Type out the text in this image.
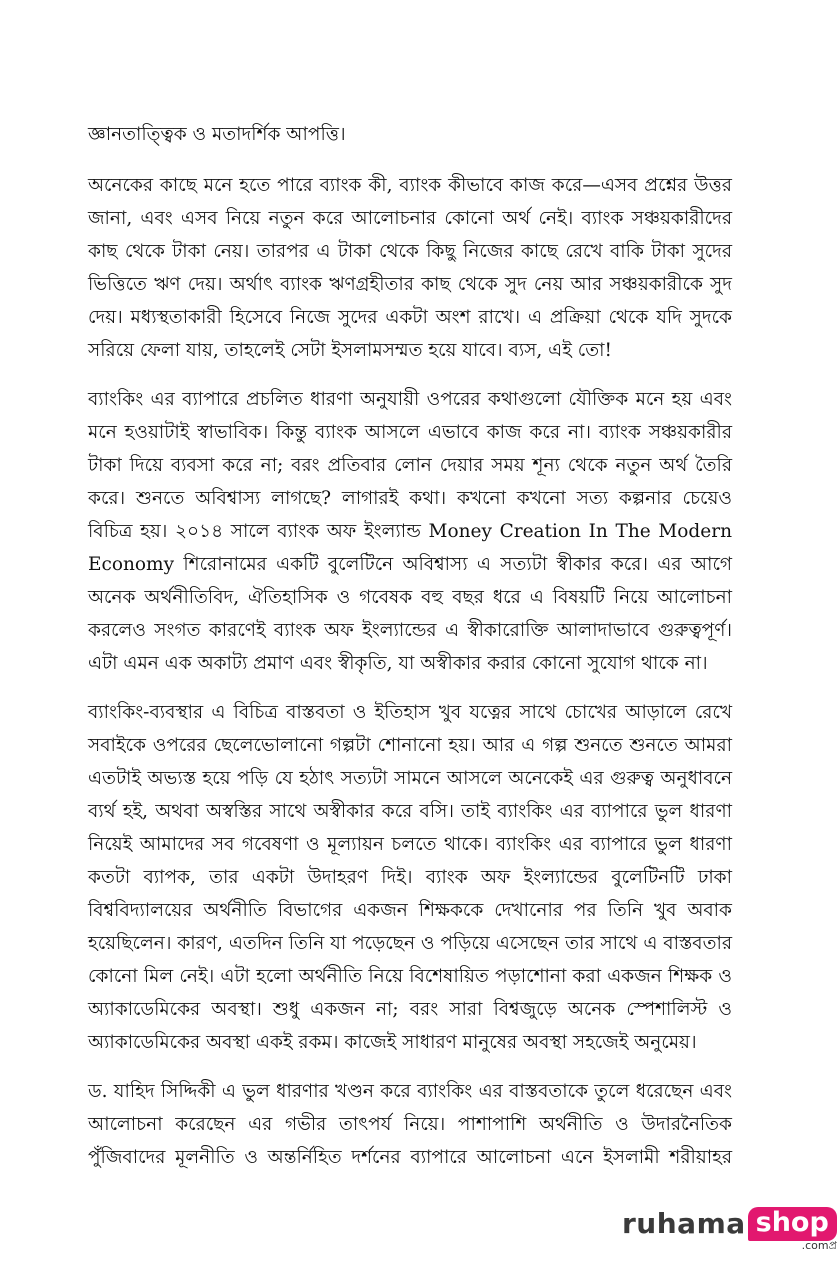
জ্ঞানতাত্ত্বিক ও মতাদর্শিক আপত্তি।

অনেকের কাছে মনে হতে পারে ব্যাংক কী, ব্যাংক কীভাবে কাজ করে—এসব প্রশ্নের উত্তর জানা, এবং এসব নিয়ে নতুন করে আলোচনার কোনো অর্থ নেই। ব্যাংক সঞ্চয়কারীদের কাছ থেকে টাকা নেয়। তারপর এ টাকা থেকে কিছু নিজের কাছে রেখে বাকি টাকা সুদের ভিত্তিতে ঋণ দেয়। অর্থাৎ ব্যাংক ঋণগ্রহীতার কাছ থেকে সুদ নেয় আর সঞ্চয়কারীকে সুদ দেয়। মধ্যস্থতাকারী হিসেবে নিজে সুদের একটা অংশ রাখে। এ প্রক্রিয়া থেকে যদি সুদকে সরিয়ে ফেলা যায়, তাহলেই সেটা ইসলামসম্মত হয়ে যাবে। ব্যস, এই তো!

ব্যাংকিং এর ব্যাপারে প্রচলিত ধারণা অনুযায়ী ওপরের কথাগুলো যৌক্তিক মনে হয় এবং মনে হওয়াটাই স্বাভাবিক। কিন্তু ব্যাংক আসলে এভাবে কাজ করে না। ব্যাংক সঞ্চয়কারীর টাকা দিয়ে ব্যবসা করে না; বরং প্রতিবার লোন দেয়ার সময় শূন্য থেকে নতুন অর্থ তৈরি করে। শুনতে অবিশ্বাস্য লাগছে? লাগারই কথা। কখনো কখনো সত্য কল্পনার চেয়েও বিচিত্র হয়। ২০১৪ সালে ব্যাংক অফ ইংল্যান্ড Money Creation In The Modern Economy শিরোনামের একটি বুলেটিনে অবিশ্বাস্য এ সত্যটা স্বীকার করে। এর আগে অনেক অর্থনীতিবিদ, ঐতিহাসিক ও গবেষক বহু বছর ধরে এ বিষয়টি নিয়ে আলোচনা করলেও সংগত কারণেই ব্যাংক অফ ইংল্যান্ডের এ স্বীকারোক্তি আলাদাভাবে গুরুত্বপূর্ণ। এটা এমন এক অকাট্য প্রমাণ এবং স্বীকৃতি, যা অস্বীকার করার কোনো সুযোগ থাকে না।

ব্যাংকিং-ব্যবস্থার এ বিচিত্র বাস্তবতা ও ইতিহাস খুব যত্নের সাথে চোখের আড়ালে রেখে সবাইকে ওপরের ছেলেভোলানো গল্পটা শোনানো হয়। আর এ গল্প শুনতে শুনতে আমরা এতটাই অভ্যস্ত হয়ে পড়ি যে হঠাৎ সত্যটা সামনে আসলে অনেকেই এর গুরুত্ব অনুধাবনে ব্যর্থ হই, অথবা অস্বস্তির সাথে অস্বীকার করে বসি। তাই ব্যাংকিং এর ব্যাপারে ভুল ধারণা নিয়েই আমাদের সব গবেষণা ও মূল্যায়ন চলতে থাকে। ব্যাংকিং এর ব্যাপারে ভুল ধারণা কতটা ব্যাপক, তার একটা উদাহরণ দিই। ব্যাংক অফ ইংল্যান্ডের বুলেটিনটি ঢাকা বিশ্ববিদ্যালয়ের অর্থনীতি বিভাগের একজন শিক্ষককে দেখানোর পর তিনি খুব অবাক হয়েছিলেন। কারণ, এতদিন তিনি যা পড়েছেন ও পড়িয়ে এসেছেন তার সাথে এ বাস্তবতার কোনো মিল নেই। এটা হলো অর্থনীতি নিয়ে বিশেষায়িত পড়াশোনা করা একজন শিক্ষক ও অ্যাকাডেমিকের অবস্থা। শুধু একজন না; বরং সারা বিশ্বজুড়ে অনেক স্পেশালিস্ট ও অ্যাকাডেমিকের অবস্থা একই রকম। কাজেই সাধারণ মানুষের অবস্থা সহজেই অনুমেয়।

ড. যাহিদ সিদ্দিকী এ ভুল ধারণার খণ্ডন করে ব্যাংকিং এর বাস্তবতাকে তুলে ধরেছেন এবং আলোচনা করেছেন এর গভীর তাৎপর্য নিয়ে। পাশাপাশি অর্থনীতি ও উদারনৈতিক পুঁজিবাদের মূলনীতি ও অন্তর্নিহিত দর্শনের ব্যাপারে আলোচনা এনে ইসলামী শরীয়াহর

ruhama shop
.comপ্র
